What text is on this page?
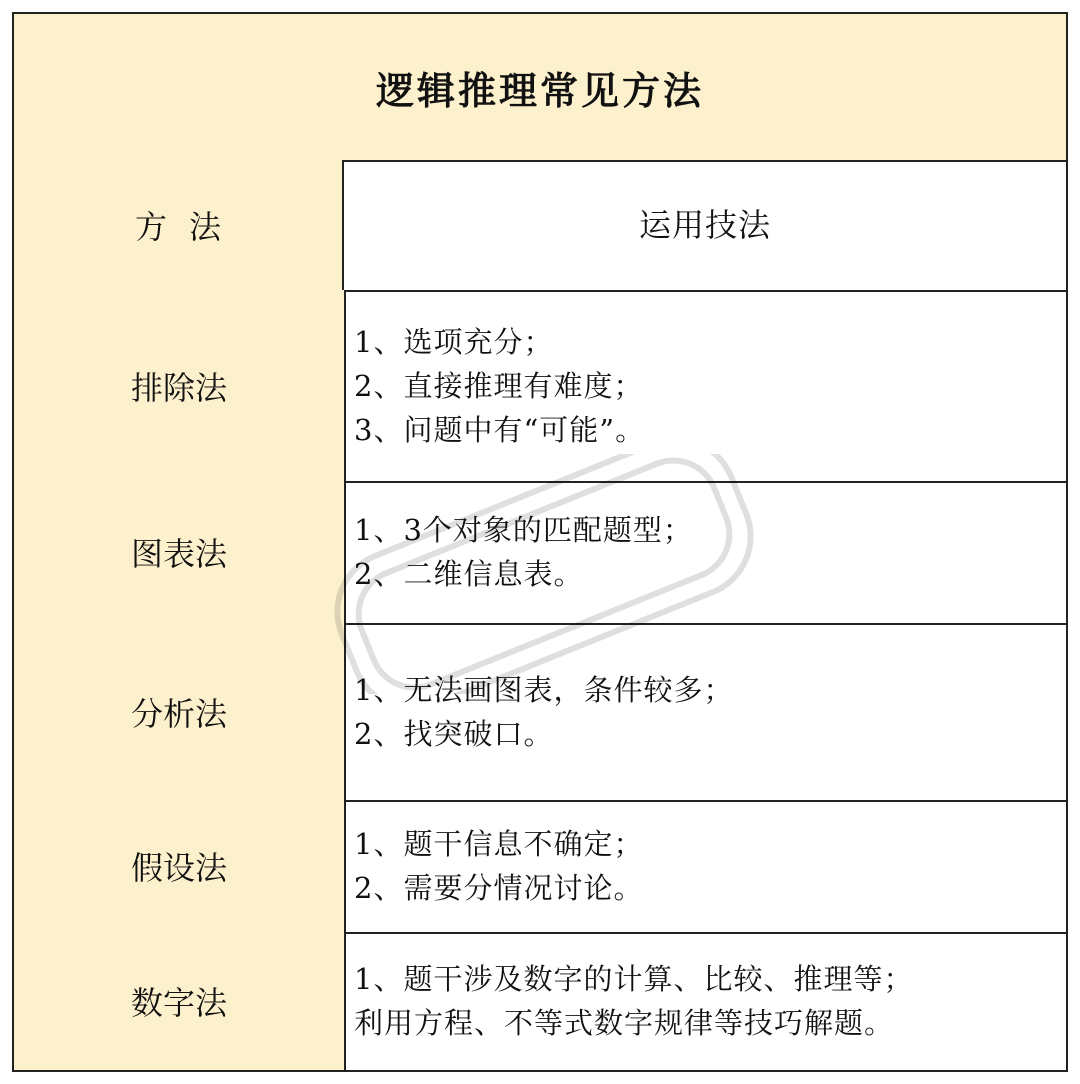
逻辑推理常见方法
方法	运用技法
排除法
1、选项充分；
2、直接推理有难度；
3、问题中有“可能”。
图表法
1、3个对象的匹配题型；
2、二维信息表。
分析法
1、无法画图表，条件较多；
2、找突破口。
假设法
1、题干信息不确定；
2、需要分情况讨论。
数字法
1、题干涉及数字的计算、比较、推理等；
利用方程、不等式数字规律等技巧解题。
